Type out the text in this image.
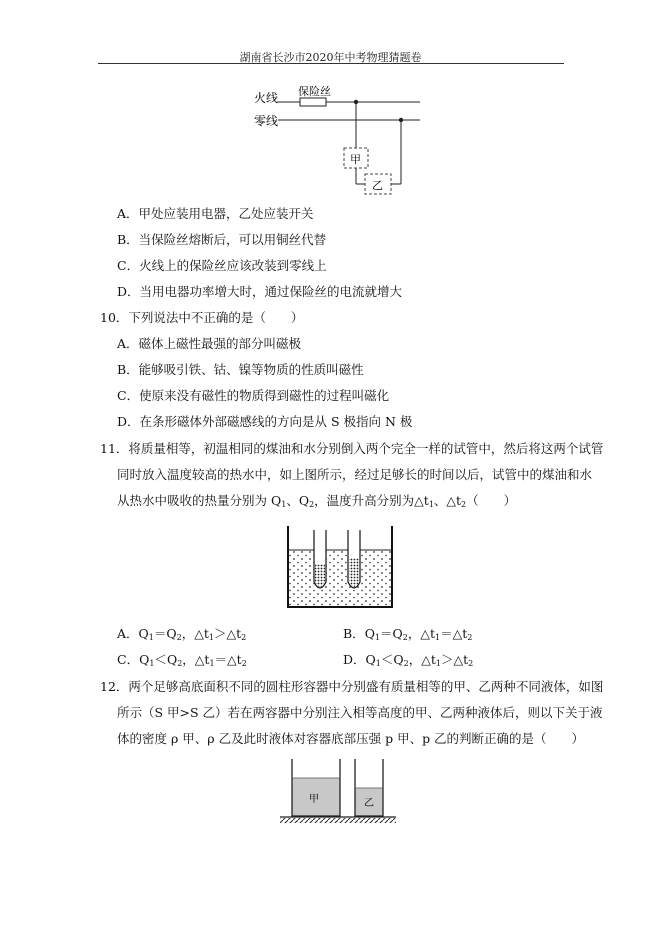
湖南省长沙市2020年中考物理猜题卷
火线
零线
保险丝
甲
乙
A．甲处应装用电器，乙处应装开关
B．当保险丝熔断后，可以用铜丝代替
C．火线上的保险丝应该改装到零线上
D．当用电器功率增大时，通过保险丝的电流就增大
10．下列说法中不正确的是（　　）
A．磁体上磁性最强的部分叫磁极
B．能够吸引铁、钴、镍等物质的性质叫磁性
C．使原来没有磁性的物质得到磁性的过程叫磁化
D．在条形磁体外部磁感线的方向是从 S 极指向 N 极
11．将质量相等，初温相同的煤油和水分别倒入两个完全一样的试管中，然后将这两个试管
同时放入温度较高的热水中，如上图所示，经过足够长的时间以后，试管中的煤油和水
从热水中吸收的热量分别为 $Q_1$、$Q_2$，温度升高分别为$\triangle t_1$、$\triangle t_2$（　　）
A．$Q_1=Q_2$，$\triangle t_1>\triangle t_2$	B．$Q_1=Q_2$，$\triangle t_1=\triangle t_2$
C．$Q_1<Q_2$，$\triangle t_1=\triangle t_2$	D．$Q_1<Q_2$，$\triangle t_1>\triangle t_2$
12．两个足够高底面积不同的圆柱形容器中分别盛有质量相等的甲、乙两种不同液体，如图
所示（S 甲>S 乙）若在两容器中分别注入相等高度的甲、乙两种液体后，则以下关于液
体的密度 ρ 甲、ρ 乙及此时液体对容器底部压强 p 甲、p 乙的判断正确的是（　　）
甲	乙
